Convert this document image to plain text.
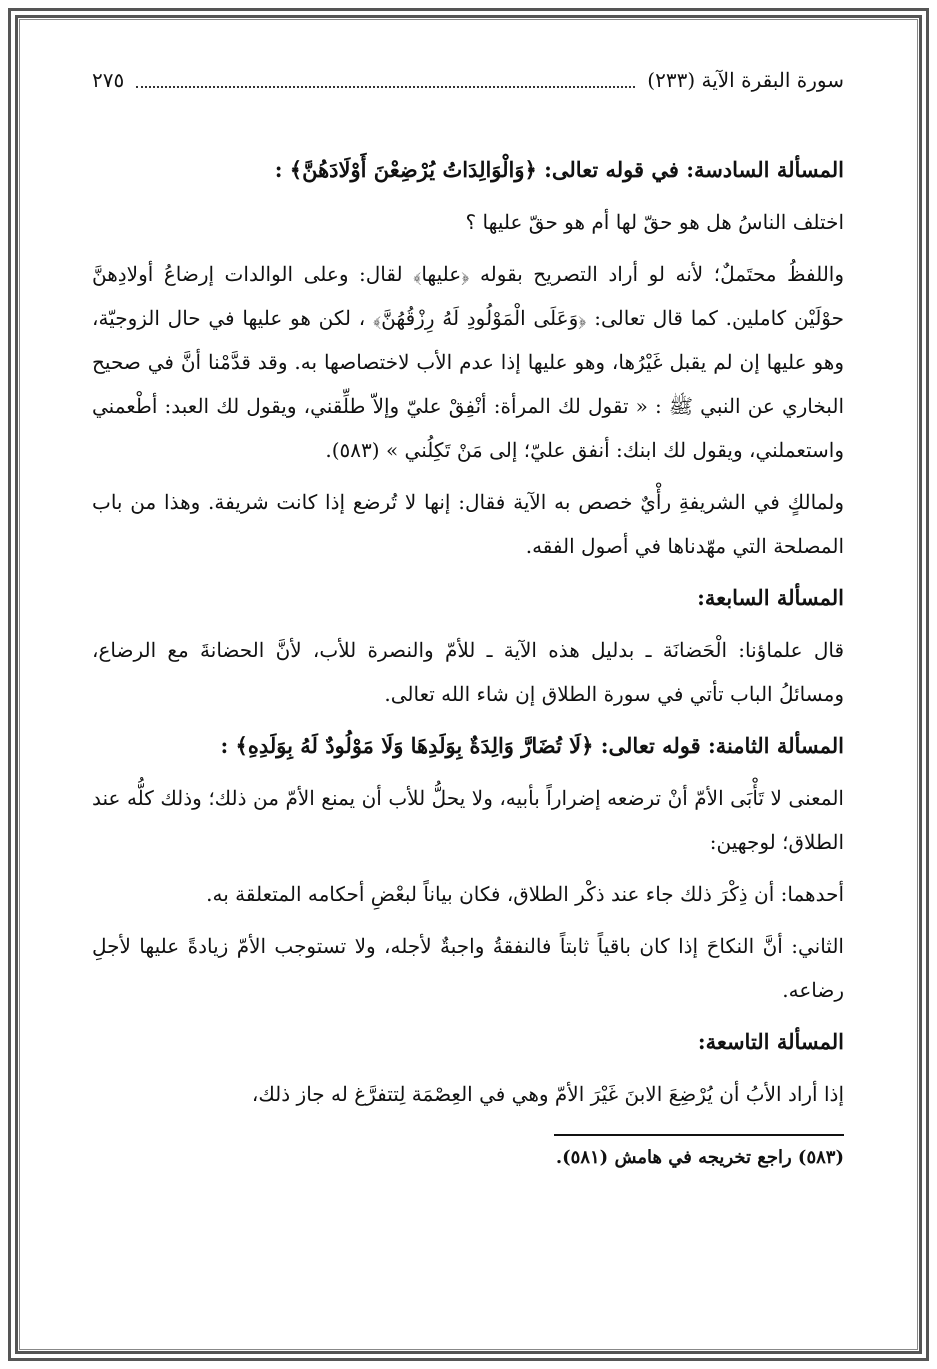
سورة البقرة الآية (٢٣٣)
٢٧٥

المسألة السادسة: في قوله تعالى: ﴿وَالْوَالِدَاتُ يُرْضِعْنَ أَوْلَادَهُنَّ﴾ :

اختلف الناسُ هل هو حقّ لها أم هو حقّ عليها ؟

واللفظُ محتَملٌ؛ لأنه لو أراد التصريح بقوله ﴿عليها﴾ لقال: وعلى الوالدات إرضاعُ أولادِهنَّ حوْلَيْن كاملين. كما قال تعالى: ﴿وَعَلَى الْمَوْلُودِ لَهُ رِزْقُهُنَّ﴾ ، لكن هو عليها في حال الزوجيّة، وهو عليها إن لم يقبل غَيْرُها، وهو عليها إذا عدم الأب لاختصاصها به. وقد قدَّمْنا أنَّ في صحيح البخاري عن النبي ﷺ : « تقول لك المرأة: أنْفِقْ عليّ وإلاّ طلِّقني، ويقول لك العبد: أطْعمني واستعملني، ويقول لك ابنك: أنفق عليّ؛ إلى مَنْ تَكِلُني » (٥٨٣).

ولمالكٍ في الشريفةِ رأْيٌ خصص به الآية فقال: إنها لا تُرضع إذا كانت شريفة. وهذا من باب المصلحة التي مهّدناها في أصول الفقه.

المسألة السابعة:

قال علماؤنا: الْحَضانَة ـ بدليل هذه الآية ـ للأمّ والنصرة للأب، لأنَّ الحضانةَ مع الرضاع، ومسائلُ الباب تأتي في سورة الطلاق إن شاء الله تعالى.

المسألة الثامنة: قوله تعالى: ﴿لَا تُضَارَّ وَالِدَةٌ بِوَلَدِهَا وَلَا مَوْلُودٌ لَهُ بِوَلَدِهِ﴾ :

المعنى لا تَأْبَى الأمّ أنْ ترضعه إضراراً بأبيه، ولا يحلُّ للأب أن يمنع الأمّ من ذلك؛ وذلك كلُّه عند الطلاق؛ لوجهين:

أحدهما: أن ذِكْرَ ذلك جاء عند ذكْر الطلاق، فكان بياناً لبعْضِ أحكامه المتعلقة به.

الثاني: أنَّ النكاحَ إذا كان باقياً ثابتاً فالنفقةُ واجبةٌ لأجله، ولا تستوجب الأمّ زيادةً عليها لأجلِ رضاعه.

المسألة التاسعة:

إذا أراد الأبُ أن يُرْضِعَ الابنَ غَيْرَ الأمّ وهي في العِصْمَة لِتتفرَّغ له جاز ذلك،

(٥٨٣) راجع تخريجه في هامش (٥٨١).
